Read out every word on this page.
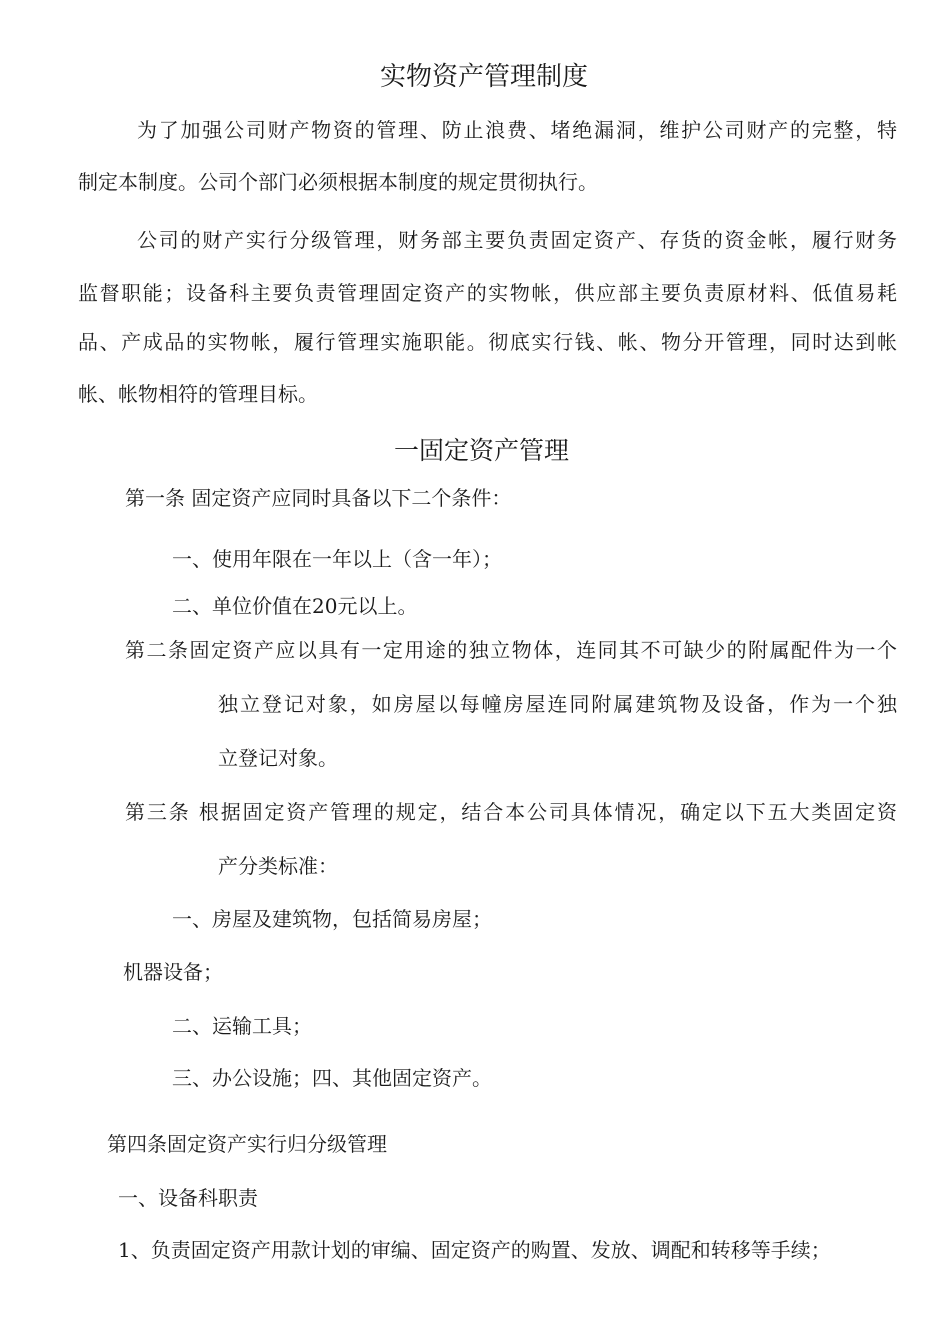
实物资产管理制度
为了加强公司财产物资的管理、防止浪费、堵绝漏洞，维护公司财产的完整，特
制定本制度。公司个部门必须根据本制度的规定贯彻执行。
公司的财产实行分级管理，财务部主要负责固定资产、存货的资金帐，履行财务
监督职能；设备科主要负责管理固定资产的实物帐，供应部主要负责原材料、低值易耗
品、产成品的实物帐，履行管理实施职能。彻底实行钱、帐、物分开管理，同时达到帐
帐、帐物相符的管理目标。
一固定资产管理
第一条 固定资产应同时具备以下二个条件：
一、使用年限在一年以上（含一年）；
二、单位价值在20元以上。
第二条固定资产应以具有一定用途的独立物体，连同其不可缺少的附属配件为一个
独立登记对象，如房屋以每幢房屋连同附属建筑物及设备，作为一个独
立登记对象。
第三条 根据固定资产管理的规定，结合本公司具体情况，确定以下五大类固定资
产分类标准：
一、房屋及建筑物，包括简易房屋；
机器设备；
二、运输工具；
三、办公设施；四、其他固定资产。
第四条固定资产实行归分级管理
一、设备科职责
1、负责固定资产用款计划的审编、固定资产的购置、发放、调配和转移等手续；
